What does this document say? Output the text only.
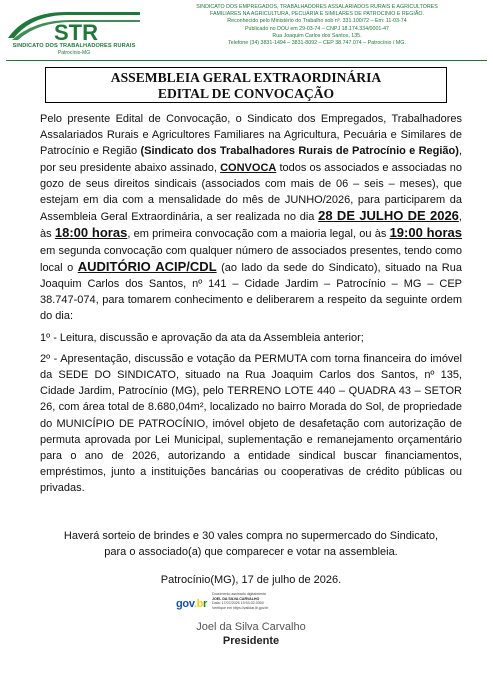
STR
SINDICATO DOS TRABALHADORES RURAIS
Patrocínio-MG
SINDICATO DOS EMPREGADOS, TRABALHADORES ASSALARIADOS RURAIS E AGRICULTORES
FAMILIARES NA AGRICULTURA, PECUÁRIA E SIMILARES DE PATROCINIO E REGIÃO.
Reconhecido pelo Ministério do Trabalho sob nº. 331.100/72 – Em: 11-03-74
Publicado no DOU em 29-03-74 – CNPJ 18.174.334/0001-47
Rua Joaquim Carlos dos Santos, 135.
Telefone (34) 3831-1494 – 3831-8092 – CEP 38.747.074 – Patrocínio / MG.
ASSEMBLEIA GERAL EXTRAORDINÁRIA
EDITAL DE CONVOCAÇÃO

Pelo presente Edital de Convocação, o Sindicato dos Empregados, Trabalhadores Assalariados Rurais e Agricultores Familiares na Agricultura, Pecuária e Similares de Patrocínio e Região (Sindicato dos Trabalhadores Rurais de Patrocínio e Região), por seu presidente abaixo assinado, CONVOCA todos os associados e associadas no gozo de seus direitos sindicais (associados com mais de 06 – seis – meses), que estejam em dia com a mensalidade do mês de JUNHO/2026, para participarem da Assembleia Geral Extraordinária, a ser realizada no dia 28 DE JULHO DE 2026, às 18:00 horas, em primeira convocação com a maioria legal, ou às 19:00 horas em segunda convocação com qualquer número de associados presentes, tendo como local o AUDITÓRIO ACIP/CDL (ao lado da sede do Sindicato), situado na Rua Joaquim Carlos dos Santos, nº 141 – Cidade Jardim – Patrocínio – MG – CEP 38.747-074, para tomarem conhecimento e deliberarem a respeito da seguinte ordem do dia:

1º - Leitura, discussão e aprovação da ata da Assembleia anterior;

2º - Apresentação, discussão e votação da PERMUTA com torna financeira do imóvel da SEDE DO SINDICATO, situado na Rua Joaquim Carlos dos Santos, nº 135, Cidade Jardim, Patrocínio (MG), pelo TERRENO LOTE 440 – QUADRA 43 – SETOR 26, com área total de 8.680,04m², localizado no bairro Morada do Sol, de propriedade do MUNICÍPIO DE PATROCÍNIO, imóvel objeto de desafetação com autorização de permuta aprovada por Lei Municipal, suplementação e remanejamento orçamentário para o ano de 2026, autorizando a entidade sindical buscar financiamentos, empréstimos, junto a instituições bancárias ou cooperativas de crédito públicas ou privadas.

Haverá sorteio de brindes e 30 vales compra no supermercado do Sindicato,
para o associado(a) que comparecer e votar na assembleia.
Patrocínio(MG), 17 de julho de 2026.
gov.br
Documento assinado digitalmente
JOEL DA SILVA CARVALHO
Data: 17/07/2026 19:53:32-0300
Verifique em https://validar.iti.gov.br
Joel da Silva Carvalho
Presidente
